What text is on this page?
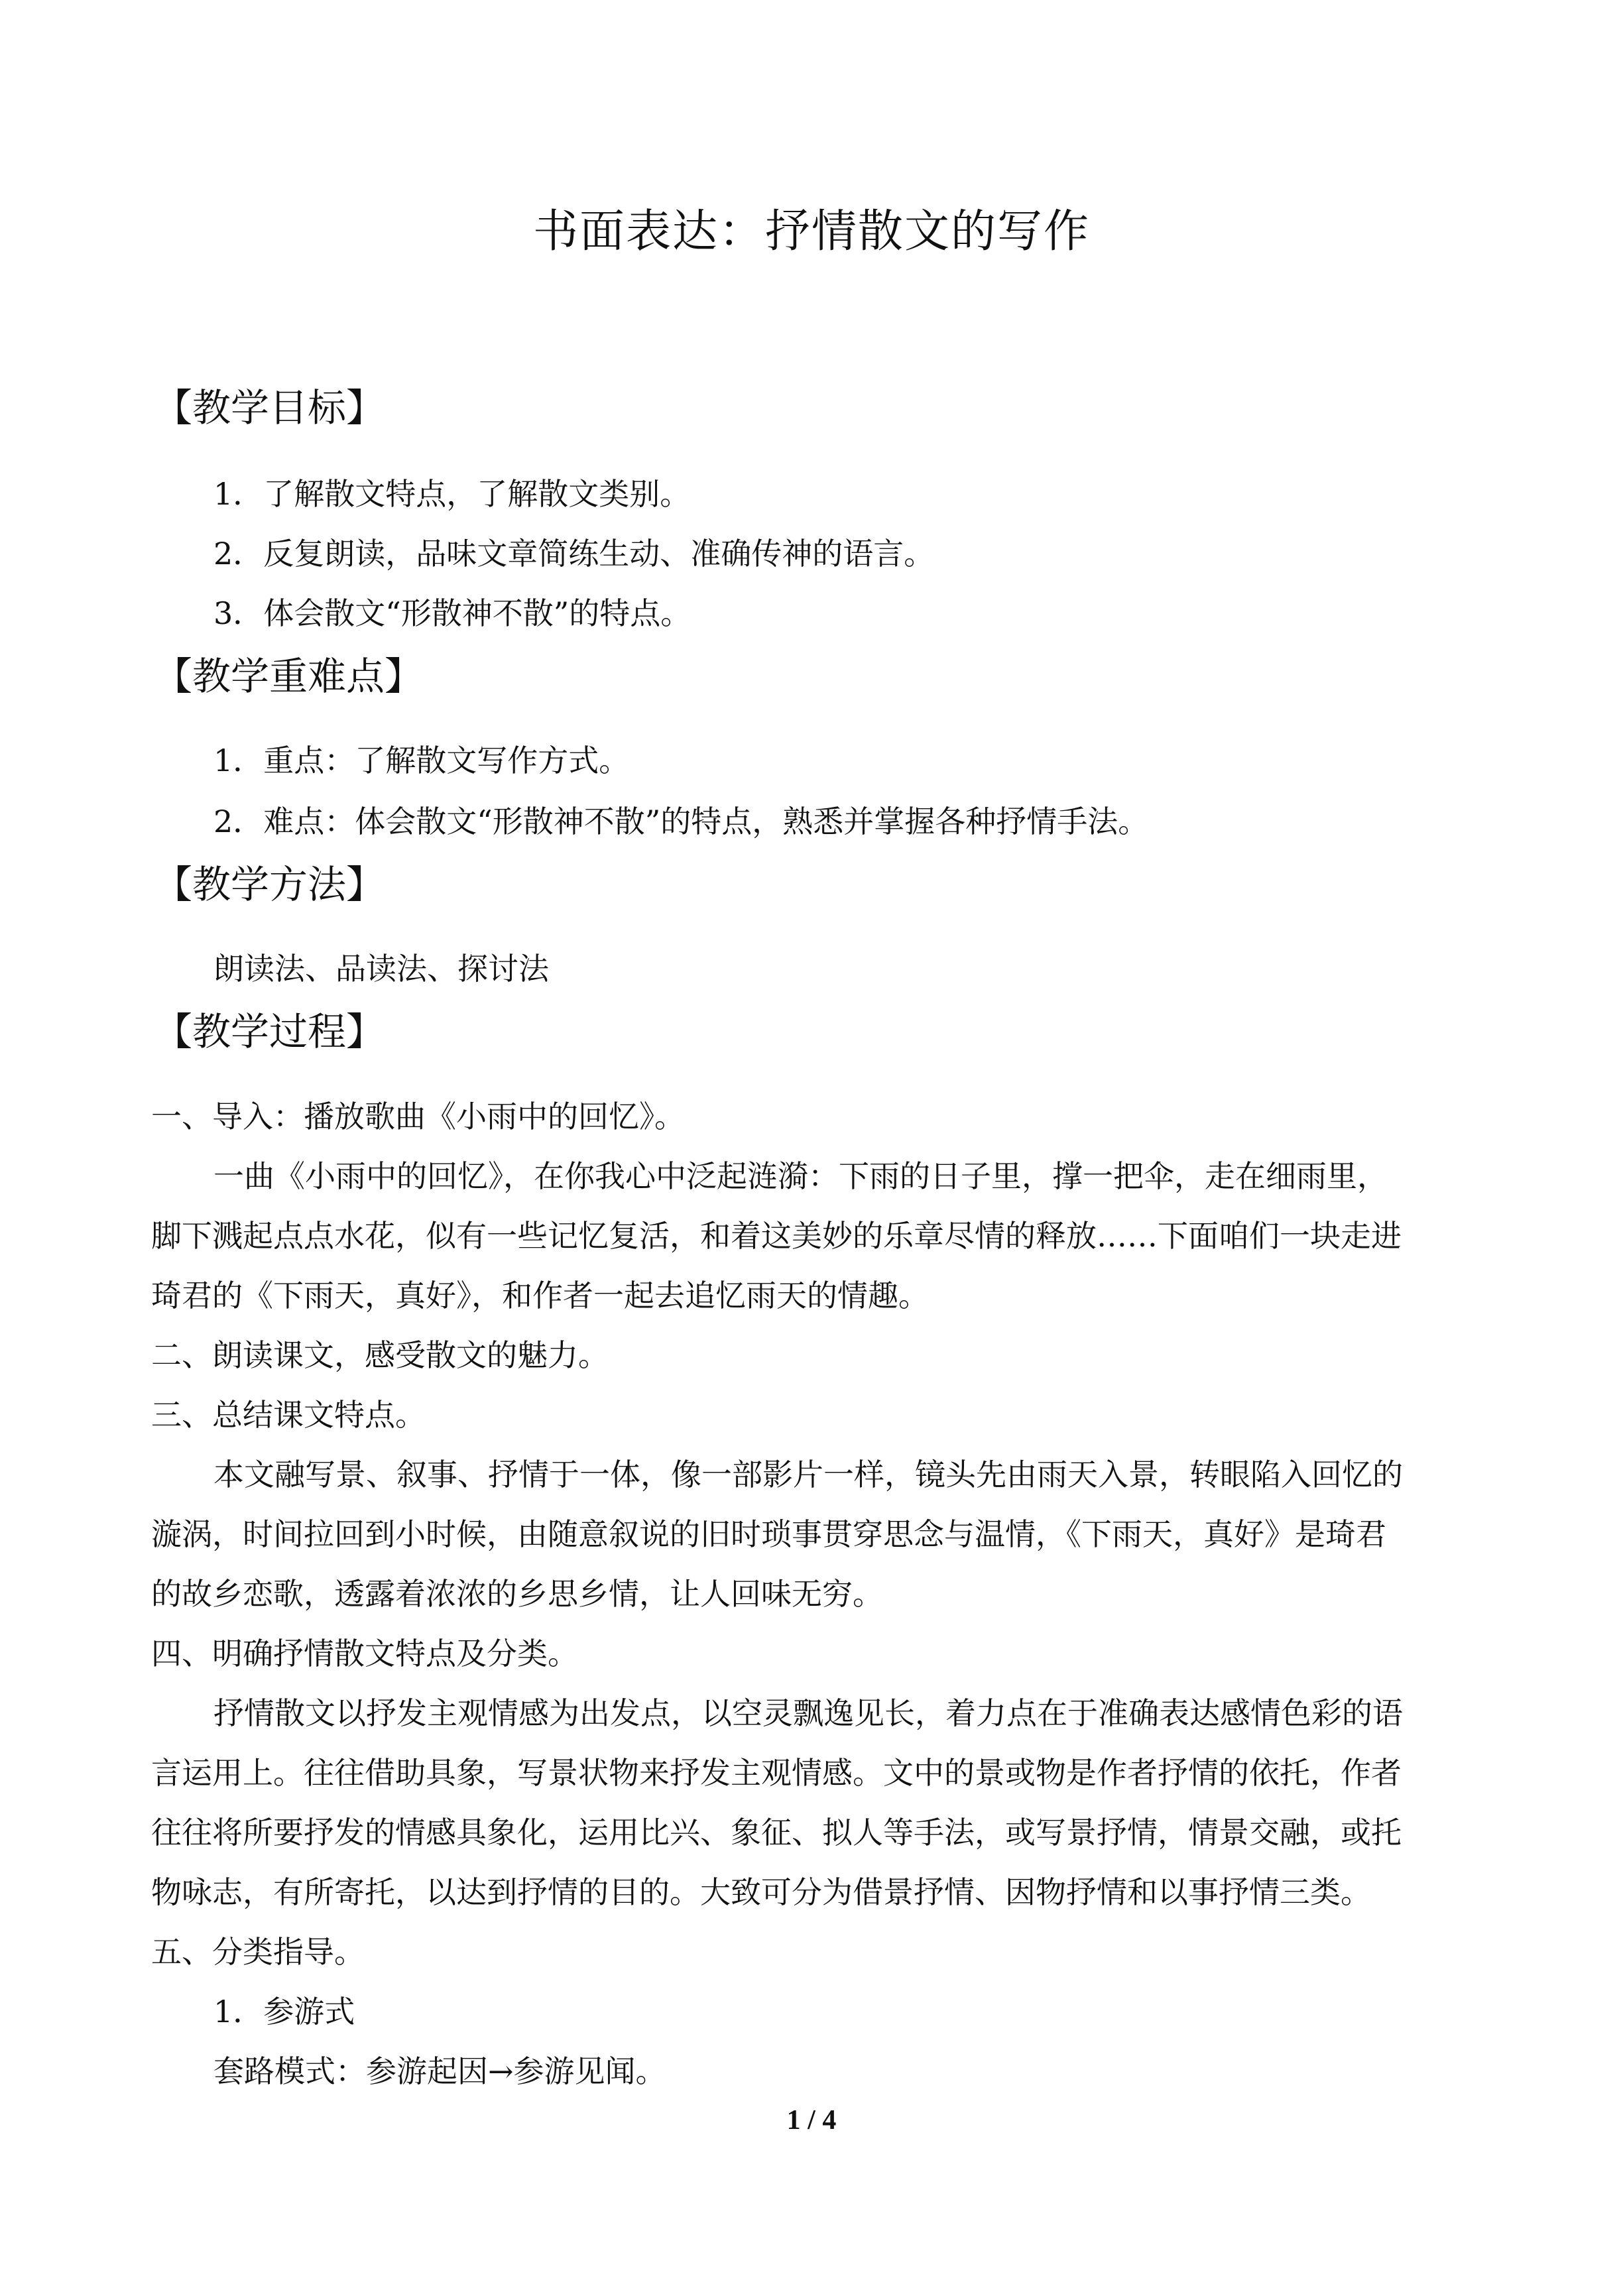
书面表达：抒情散文的写作
【教学目标】
1．了解散文特点，了解散文类别。
2．反复朗读，品味文章简练生动、准确传神的语言。
3．体会散文“形散神不散”的特点。
【教学重难点】
1．重点：了解散文写作方式。
2．难点：体会散文“形散神不散”的特点，熟悉并掌握各种抒情手法。
【教学方法】
朗读法、品读法、探讨法
【教学过程】
一、导入：播放歌曲《小雨中的回忆》。
一曲《小雨中的回忆》，在你我心中泛起涟漪：下雨的日子里，撑一把伞，走在细雨里，
脚下溅起点点水花，似有一些记忆复活，和着这美妙的乐章尽情的释放……下面咱们一块走进
琦君的《下雨天，真好》，和作者一起去追忆雨天的情趣。
二、朗读课文，感受散文的魅力。
三、总结课文特点。
本文融写景、叙事、抒情于一体，像一部影片一样，镜头先由雨天入景，转眼陷入回忆的
漩涡，时间拉回到小时候，由随意叙说的旧时琐事贯穿思念与温情，《下雨天，真好》是琦君
的故乡恋歌，透露着浓浓的乡思乡情，让人回味无穷。
四、明确抒情散文特点及分类。
抒情散文以抒发主观情感为出发点，以空灵飘逸见长，着力点在于准确表达感情色彩的语
言运用上。往往借助具象，写景状物来抒发主观情感。文中的景或物是作者抒情的依托，作者
往往将所要抒发的情感具象化，运用比兴、象征、拟人等手法，或写景抒情，情景交融，或托
物咏志，有所寄托，以达到抒情的目的。大致可分为借景抒情、因物抒情和以事抒情三类。
五、分类指导。
1．参游式
套路模式：参游起因→参游见闻。
1 / 4
